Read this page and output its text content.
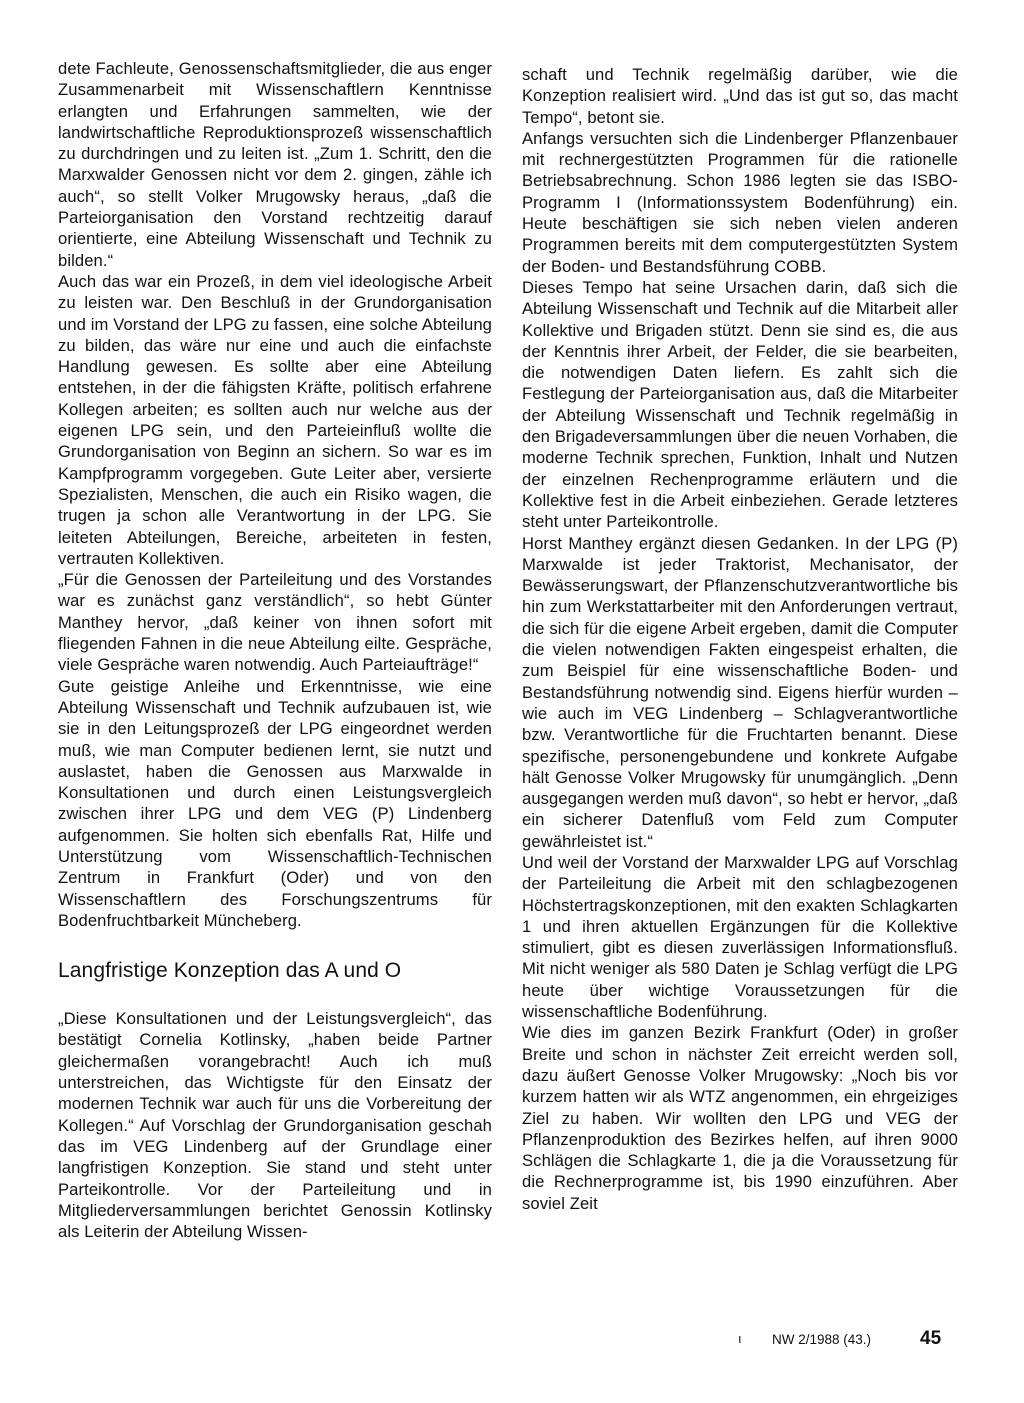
dete Fachleute, Genossenschaftsmitglieder, die aus enger Zusammenarbeit mit Wissenschaftlern Kenntnisse erlangten und Erfahrungen sammelten, wie der landwirtschaftliche Reproduktionsprozeß wissenschaftlich zu durchdringen und zu leiten ist. „Zum 1. Schritt, den die Marxwalder Genossen nicht vor dem 2. gingen, zähle ich auch“, so stellt Volker Mrugowsky heraus, „daß die Parteiorganisation den Vorstand rechtzeitig darauf orientierte, eine Abteilung Wissenschaft und Technik zu bilden.“

Auch das war ein Prozeß, in dem viel ideologische Arbeit zu leisten war. Den Beschluß in der Grundorganisation und im Vorstand der LPG zu fassen, eine solche Abteilung zu bilden, das wäre nur eine und auch die einfachste Handlung gewesen. Es sollte aber eine Abteilung entstehen, in der die fähigsten Kräfte, politisch erfahrene Kollegen arbeiten; es sollten auch nur welche aus der eigenen LPG sein, und den Parteieinfluß wollte die Grundorganisation von Beginn an sichern. So war es im Kampfprogramm vorgegeben. Gute Leiter aber, versierte Spezialisten, Menschen, die auch ein Risiko wagen, die trugen ja schon alle Verantwortung in der LPG. Sie leiteten Abteilungen, Bereiche, arbeiteten in festen, vertrauten Kollektiven.

„Für die Genossen der Parteileitung und des Vorstandes war es zunächst ganz verständlich“, so hebt Günter Manthey hervor, „daß keiner von ihnen sofort mit fliegenden Fahnen in die neue Abteilung eilte. Gespräche, viele Gespräche waren notwendig. Auch Parteiaufträge!“

Gute geistige Anleihe und Erkenntnisse, wie eine Abteilung Wissenschaft und Technik aufzubauen ist, wie sie in den Leitungsprozeß der LPG eingeordnet werden muß, wie man Computer bedienen lernt, sie nutzt und auslastet, haben die Genossen aus Marxwalde in Konsultationen und durch einen Leistungsvergleich zwischen ihrer LPG und dem VEG (P) Lindenberg aufgenommen. Sie holten sich ebenfalls Rat, Hilfe und Unterstützung vom Wissenschaftlich-Technischen Zentrum in Frankfurt (Oder) und von den Wissenschaftlern des Forschungszentrums für Bodenfruchtbarkeit Müncheberg.

Langfristige Konzeption das A und O

„Diese Konsultationen und der Leistungsvergleich“, das bestätigt Cornelia Kotlinsky, „haben beide Partner gleichermaßen vorangebracht! Auch ich muß unterstreichen, das Wichtigste für den Einsatz der modernen Technik war auch für uns die Vorbereitung der Kollegen.“ Auf Vorschlag der Grundorganisation geschah das im VEG Lindenberg auf der Grundlage einer langfristigen Konzeption. Sie stand und steht unter Parteikontrolle. Vor der Parteileitung und in Mitgliederversammlungen berichtet Genossin Kotlinsky als Leiterin der Abteilung Wissen-

schaft und Technik regelmäßig darüber, wie die Konzeption realisiert wird. „Und das ist gut so, das macht Tempo“, betont sie.

Anfangs versuchten sich die Lindenberger Pflanzenbauer mit rechnergestützten Programmen für die rationelle Betriebsabrechnung. Schon 1986 legten sie das ISBO-Programm I (Informationssystem Bodenführung) ein. Heute beschäftigen sie sich neben vielen anderen Programmen bereits mit dem computergestützten System der Boden- und Bestandsführung COBB.

Dieses Tempo hat seine Ursachen darin, daß sich die Abteilung Wissenschaft und Technik auf die Mitarbeit aller Kollektive und Brigaden stützt. Denn sie sind es, die aus der Kenntnis ihrer Arbeit, der Felder, die sie bearbeiten, die notwendigen Daten liefern. Es zahlt sich die Festlegung der Parteiorganisation aus, daß die Mitarbeiter der Abteilung Wissenschaft und Technik regelmäßig in den Brigadeversammlungen über die neuen Vorhaben, die moderne Technik sprechen, Funktion, Inhalt und Nutzen der einzelnen Rechenprogramme erläutern und die Kollektive fest in die Arbeit einbeziehen. Gerade letzteres steht unter Parteikontrolle.

Horst Manthey ergänzt diesen Gedanken. In der LPG (P) Marxwalde ist jeder Traktorist, Mechanisator, der Bewässerungswart, der Pflanzenschutzverantwortliche bis hin zum Werkstattarbeiter mit den Anforderungen vertraut, die sich für die eigene Arbeit ergeben, damit die Computer die vielen notwendigen Fakten eingespeist erhalten, die zum Beispiel für eine wissenschaftliche Boden- und Bestandsführung notwendig sind. Eigens hierfür wurden – wie auch im VEG Lindenberg – Schlagverantwortliche bzw. Verantwortliche für die Fruchtarten benannt. Diese spezifische, personengebundene und konkrete Aufgabe hält Genosse Volker Mrugowsky für unumgänglich. „Denn ausgegangen werden muß davon“, so hebt er hervor, „daß ein sicherer Datenfluß vom Feld zum Computer gewährleistet ist.“

Und weil der Vorstand der Marxwalder LPG auf Vorschlag der Parteileitung die Arbeit mit den schlagbezogenen Höchstertragskonzeptionen, mit den exakten Schlagkarten 1 und ihren aktuellen Ergänzungen für die Kollektive stimuliert, gibt es diesen zuverlässigen Informationsfluß. Mit nicht weniger als 580 Daten je Schlag verfügt die LPG heute über wichtige Voraussetzungen für die wissenschaftliche Bodenführung.

Wie dies im ganzen Bezirk Frankfurt (Oder) in großer Breite und schon in nächster Zeit erreicht werden soll, dazu äußert Genosse Volker Mrugowsky: „Noch bis vor kurzem hatten wir als WTZ angenommen, ein ehrgeiziges Ziel zu haben. Wir wollten den LPG und VEG der Pflanzenproduktion des Bezirkes helfen, auf ihren 9000 Schlägen die Schlagkarte 1, die ja die Voraussetzung für die Rechnerprogramme ist, bis 1990 einzuführen. Aber soviel Zeit

ı NW 2/1988 (43.)	45
